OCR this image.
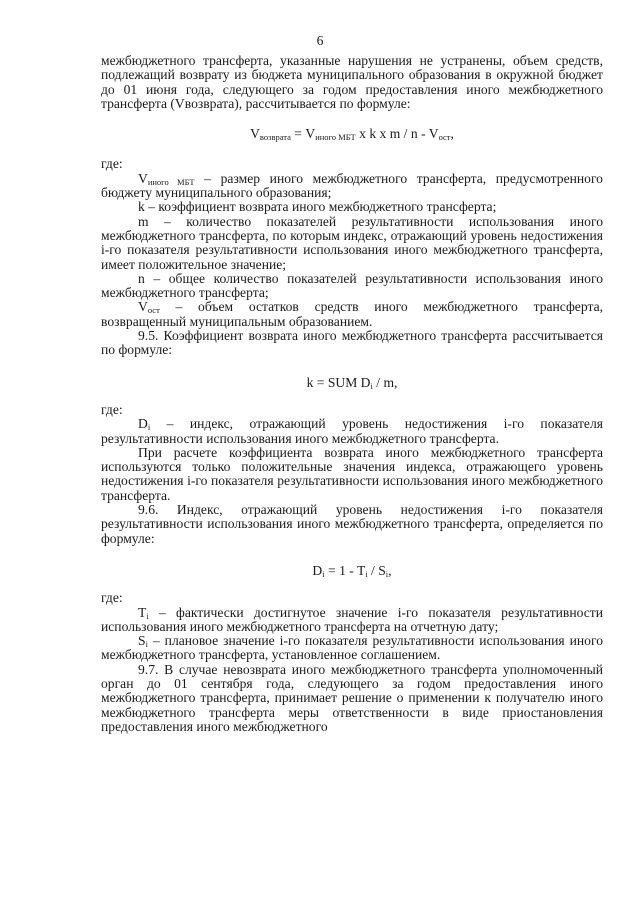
6

межбюджетного трансферта, указанные нарушения не устранены, объем средств, подлежащий возврату из бюджета муниципального образования в окружной бюджет до 01 июня года, следующего за годом предоставления иного межбюджетного трансферта (Vвозврата), рассчитывается по формуле:

$V_{возврата} = V_{иного МБТ}$ x k x m / n - $V_{ост}$,

где:

$V_{иного МБТ}$ – размер иного межбюджетного трансферта, предусмотренного бюджету муниципального образования;

k – коэффициент возврата иного межбюджетного трансферта;

m – количество показателей результативности использования иного межбюджетного трансферта, по которым индекс, отражающий уровень недостижения i-го показателя результативности использования иного межбюджетного трансферта, имеет положительное значение;

n – общее количество показателей результативности использования иного межбюджетного трансферта;

$V_{ост}$ – объем остатков средств иного межбюджетного трансферта, возвращенный муниципальным образованием.

9.5. Коэффициент возврата иного межбюджетного трансферта рассчитывается по формуле:

k = SUM $D_i$ / m,

где:

$D_i$ – индекс, отражающий уровень недостижения i-го показателя результативности использования иного межбюджетного трансферта.

При расчете коэффициента возврата иного межбюджетного трансферта используются только положительные значения индекса, отражающего уровень недостижения i-го показателя результативности использования иного межбюджетного трансферта.

9.6. Индекс, отражающий уровень недостижения i-го показателя результативности использования иного межбюджетного трансферта, определяется по формуле:

$D_i = 1 - T_i / S_i$,

где:

$T_i$ – фактически достигнутое значение i-го показателя результативности использования иного межбюджетного трансферта на отчетную дату;

$S_i$ – плановое значение i-го показателя результативности использования иного межбюджетного трансферта, установленное соглашением.

9.7. В случае невозврата иного межбюджетного трансферта уполномоченный орган до 01 сентября года, следующего за годом предоставления иного межбюджетного трансферта, принимает решение о применении к получателю иного межбюджетного трансферта меры ответственности в виде приостановления предоставления иного межбюджетного
